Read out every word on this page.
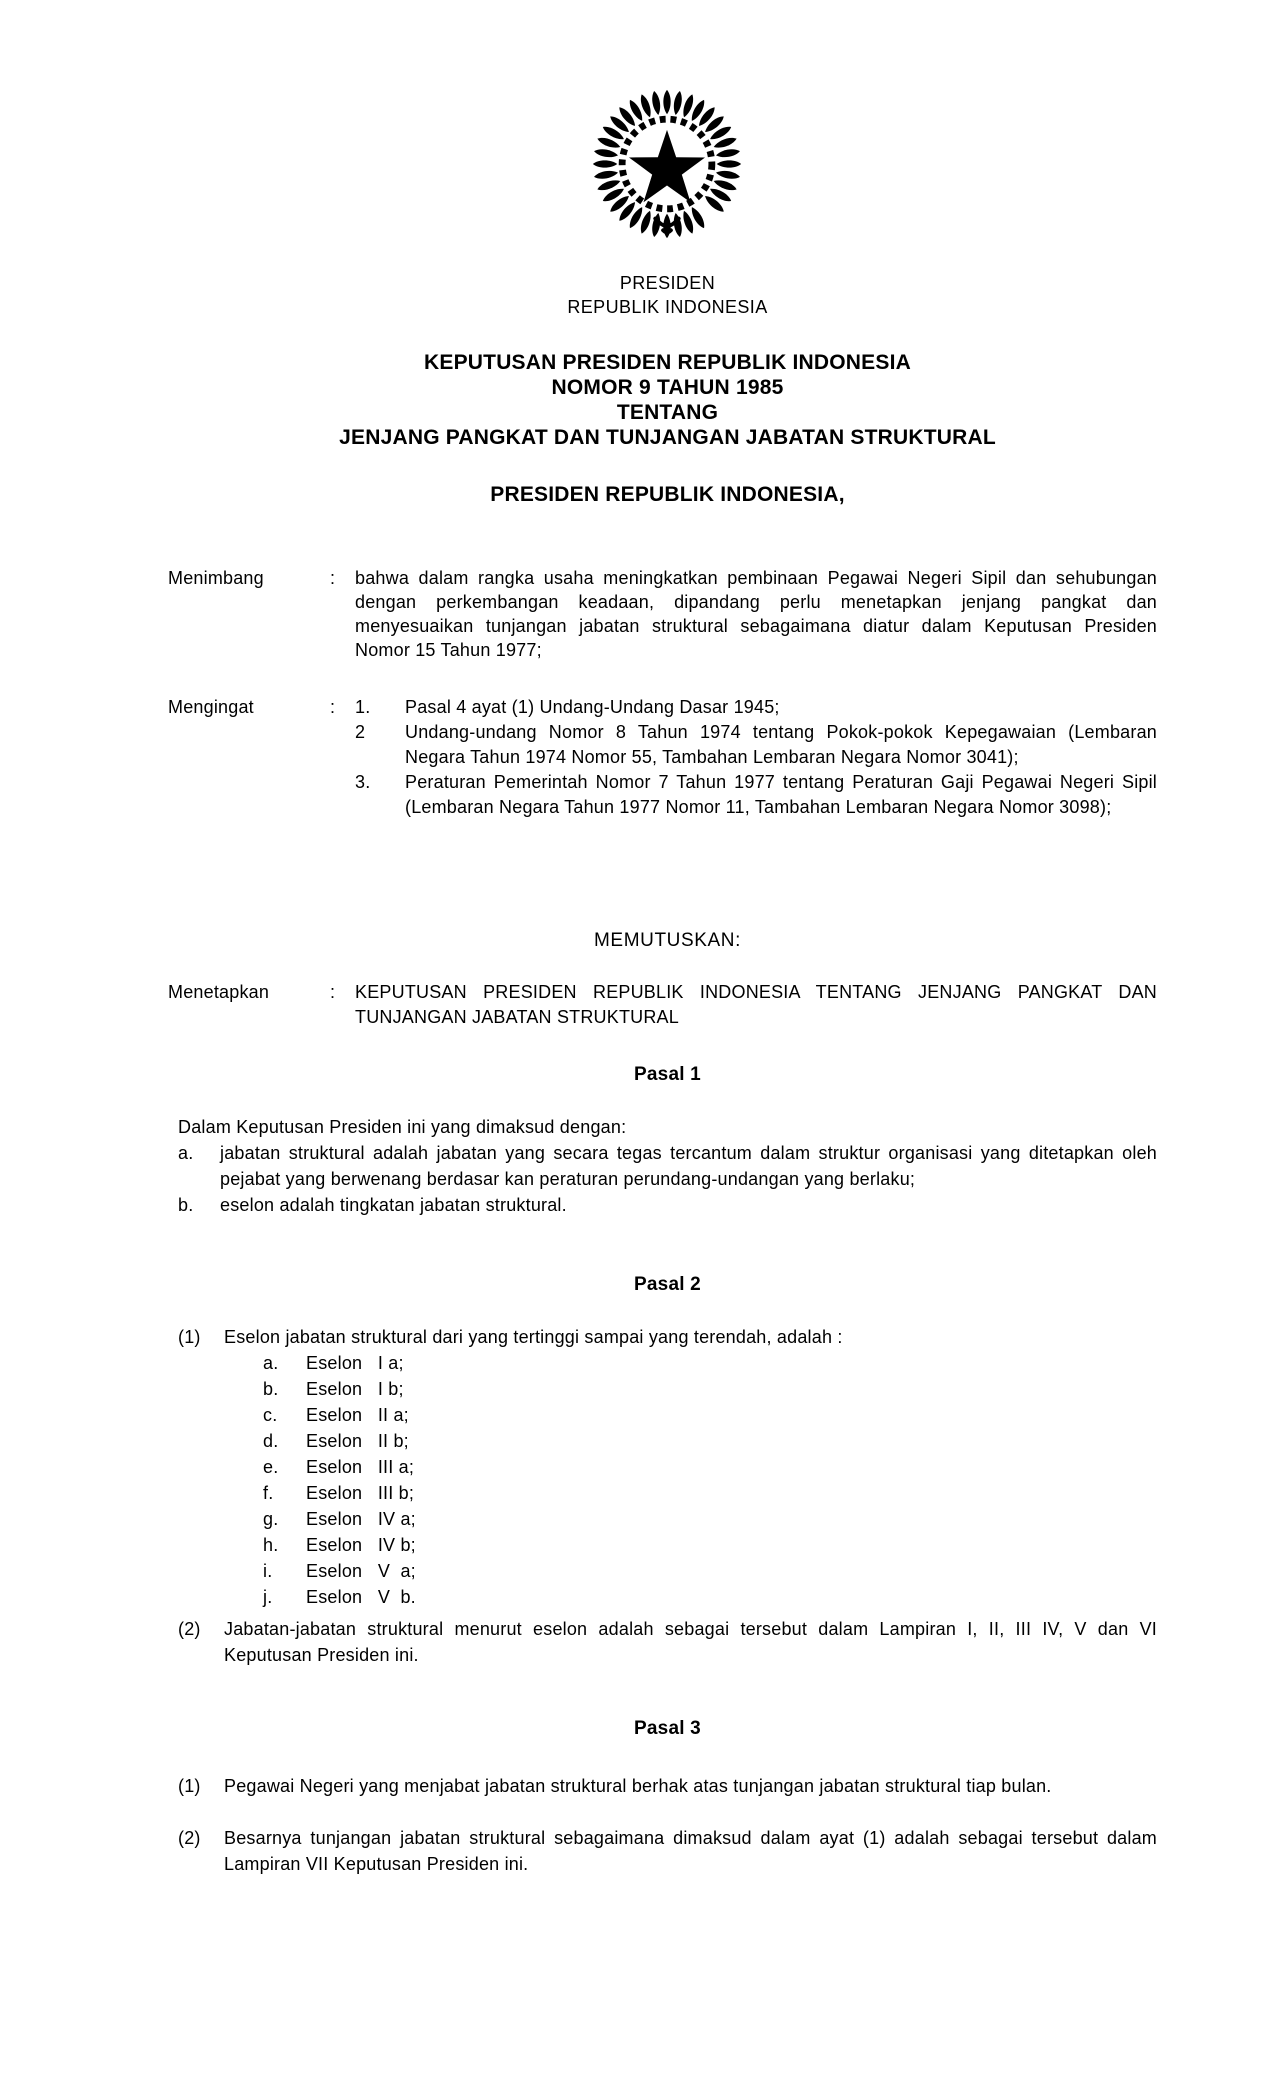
PRESIDEN
REPUBLIK INDONESIA
KEPUTUSAN PRESIDEN REPUBLIK INDONESIA
NOMOR 9 TAHUN 1985
TENTANG
JENJANG PANGKAT DAN TUNJANGAN JABATAN STRUKTURAL
PRESIDEN REPUBLIK INDONESIA,
Menimbang	:	bahwa dalam rangka usaha meningkatkan pembinaan Pegawai Negeri Sipil dan sehubungan dengan perkembangan keadaan, dipandang perlu menetapkan jenjang pangkat dan menyesuaikan tunjangan jabatan struktural sebagaimana diatur dalam Keputusan Presiden Nomor 15 Tahun 1977;
Mengingat	:	1.	Pasal 4 ayat (1) Undang-Undang Dasar 1945;
2	Undang-undang Nomor 8 Tahun 1974 tentang Pokok-pokok Kepegawaian (Lembaran Negara Tahun 1974 Nomor 55, Tambahan Lembaran Negara Nomor 3041);
3.	Peraturan Pemerintah Nomor 7 Tahun 1977 tentang Peraturan Gaji Pegawai Negeri Sipil (Lembaran Negara Tahun 1977 Nomor 11, Tambahan Lembaran Negara Nomor 3098);
MEMUTUSKAN:
Menetapkan	:	KEPUTUSAN PRESIDEN REPUBLIK INDONESIA TENTANG JENJANG PANGKAT DAN TUNJANGAN JABATAN STRUKTURAL
Pasal 1
Dalam Keputusan Presiden ini yang dimaksud dengan:
a.	jabatan struktural adalah jabatan yang secara tegas tercantum dalam struktur organisasi yang ditetapkan oleh pejabat yang berwenang berdasar kan peraturan perundang-undangan yang berlaku;
b.	eselon adalah tingkatan jabatan struktural.
Pasal 2
(1)	Eselon jabatan struktural dari yang tertinggi sampai yang terendah, adalah :
a.	Eselon   I a;
b.	Eselon   I b;
c.	Eselon   II a;
d.	Eselon   II b;
e.	Eselon   III a;
f.	Eselon   III b;
g.	Eselon   IV a;
h.	Eselon   IV b;
i.	Eselon   V  a;
j.	Eselon   V  b.
(2)	Jabatan-jabatan struktural menurut eselon adalah sebagai tersebut dalam Lampiran I, II, III IV, V dan VI Keputusan Presiden ini.
Pasal 3
(1)	Pegawai Negeri yang menjabat jabatan struktural berhak atas tunjangan jabatan struktural tiap bulan.
(2)	Besarnya tunjangan jabatan struktural sebagaimana dimaksud dalam ayat (1) adalah sebagai tersebut dalam Lampiran VII Keputusan Presiden ini.
